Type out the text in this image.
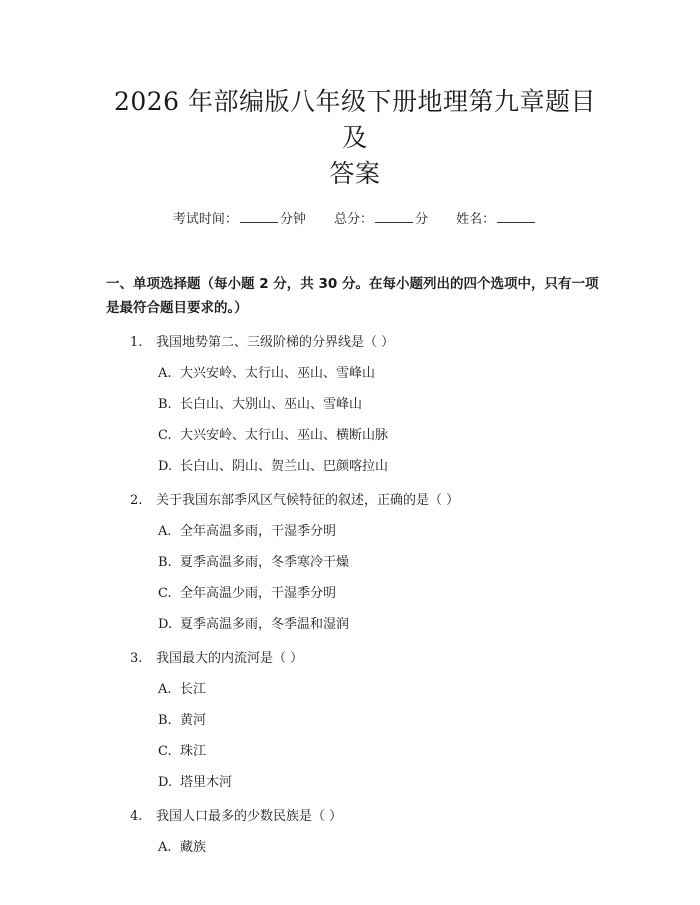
2026 年部编版八年级下册地理第九章题目及
答案
考试时间：	分钟 总分：	分 姓名：
一、单项选择题（每小题 2 分，共 30 分。在每小题列出的四个选项中，只有一项
是最符合题目要求的。）
1.	我国地势第二、三级阶梯的分界线是（ ）
A. 大兴安岭、太行山、巫山、雪峰山
B. 长白山、大别山、巫山、雪峰山
C. 大兴安岭、太行山、巫山、横断山脉
D. 长白山、阴山、贺兰山、巴颜喀拉山
2.	关于我国东部季风区气候特征的叙述，正确的是（ ）
A. 全年高温多雨，干湿季分明
B. 夏季高温多雨，冬季寒冷干燥
C. 全年高温少雨，干湿季分明
D. 夏季高温多雨，冬季温和湿润
3.	我国最大的内流河是（ ）
A. 长江
B. 黄河
C. 珠江
D. 塔里木河
4.	我国人口最多的少数民族是（ ）
A. 藏族
